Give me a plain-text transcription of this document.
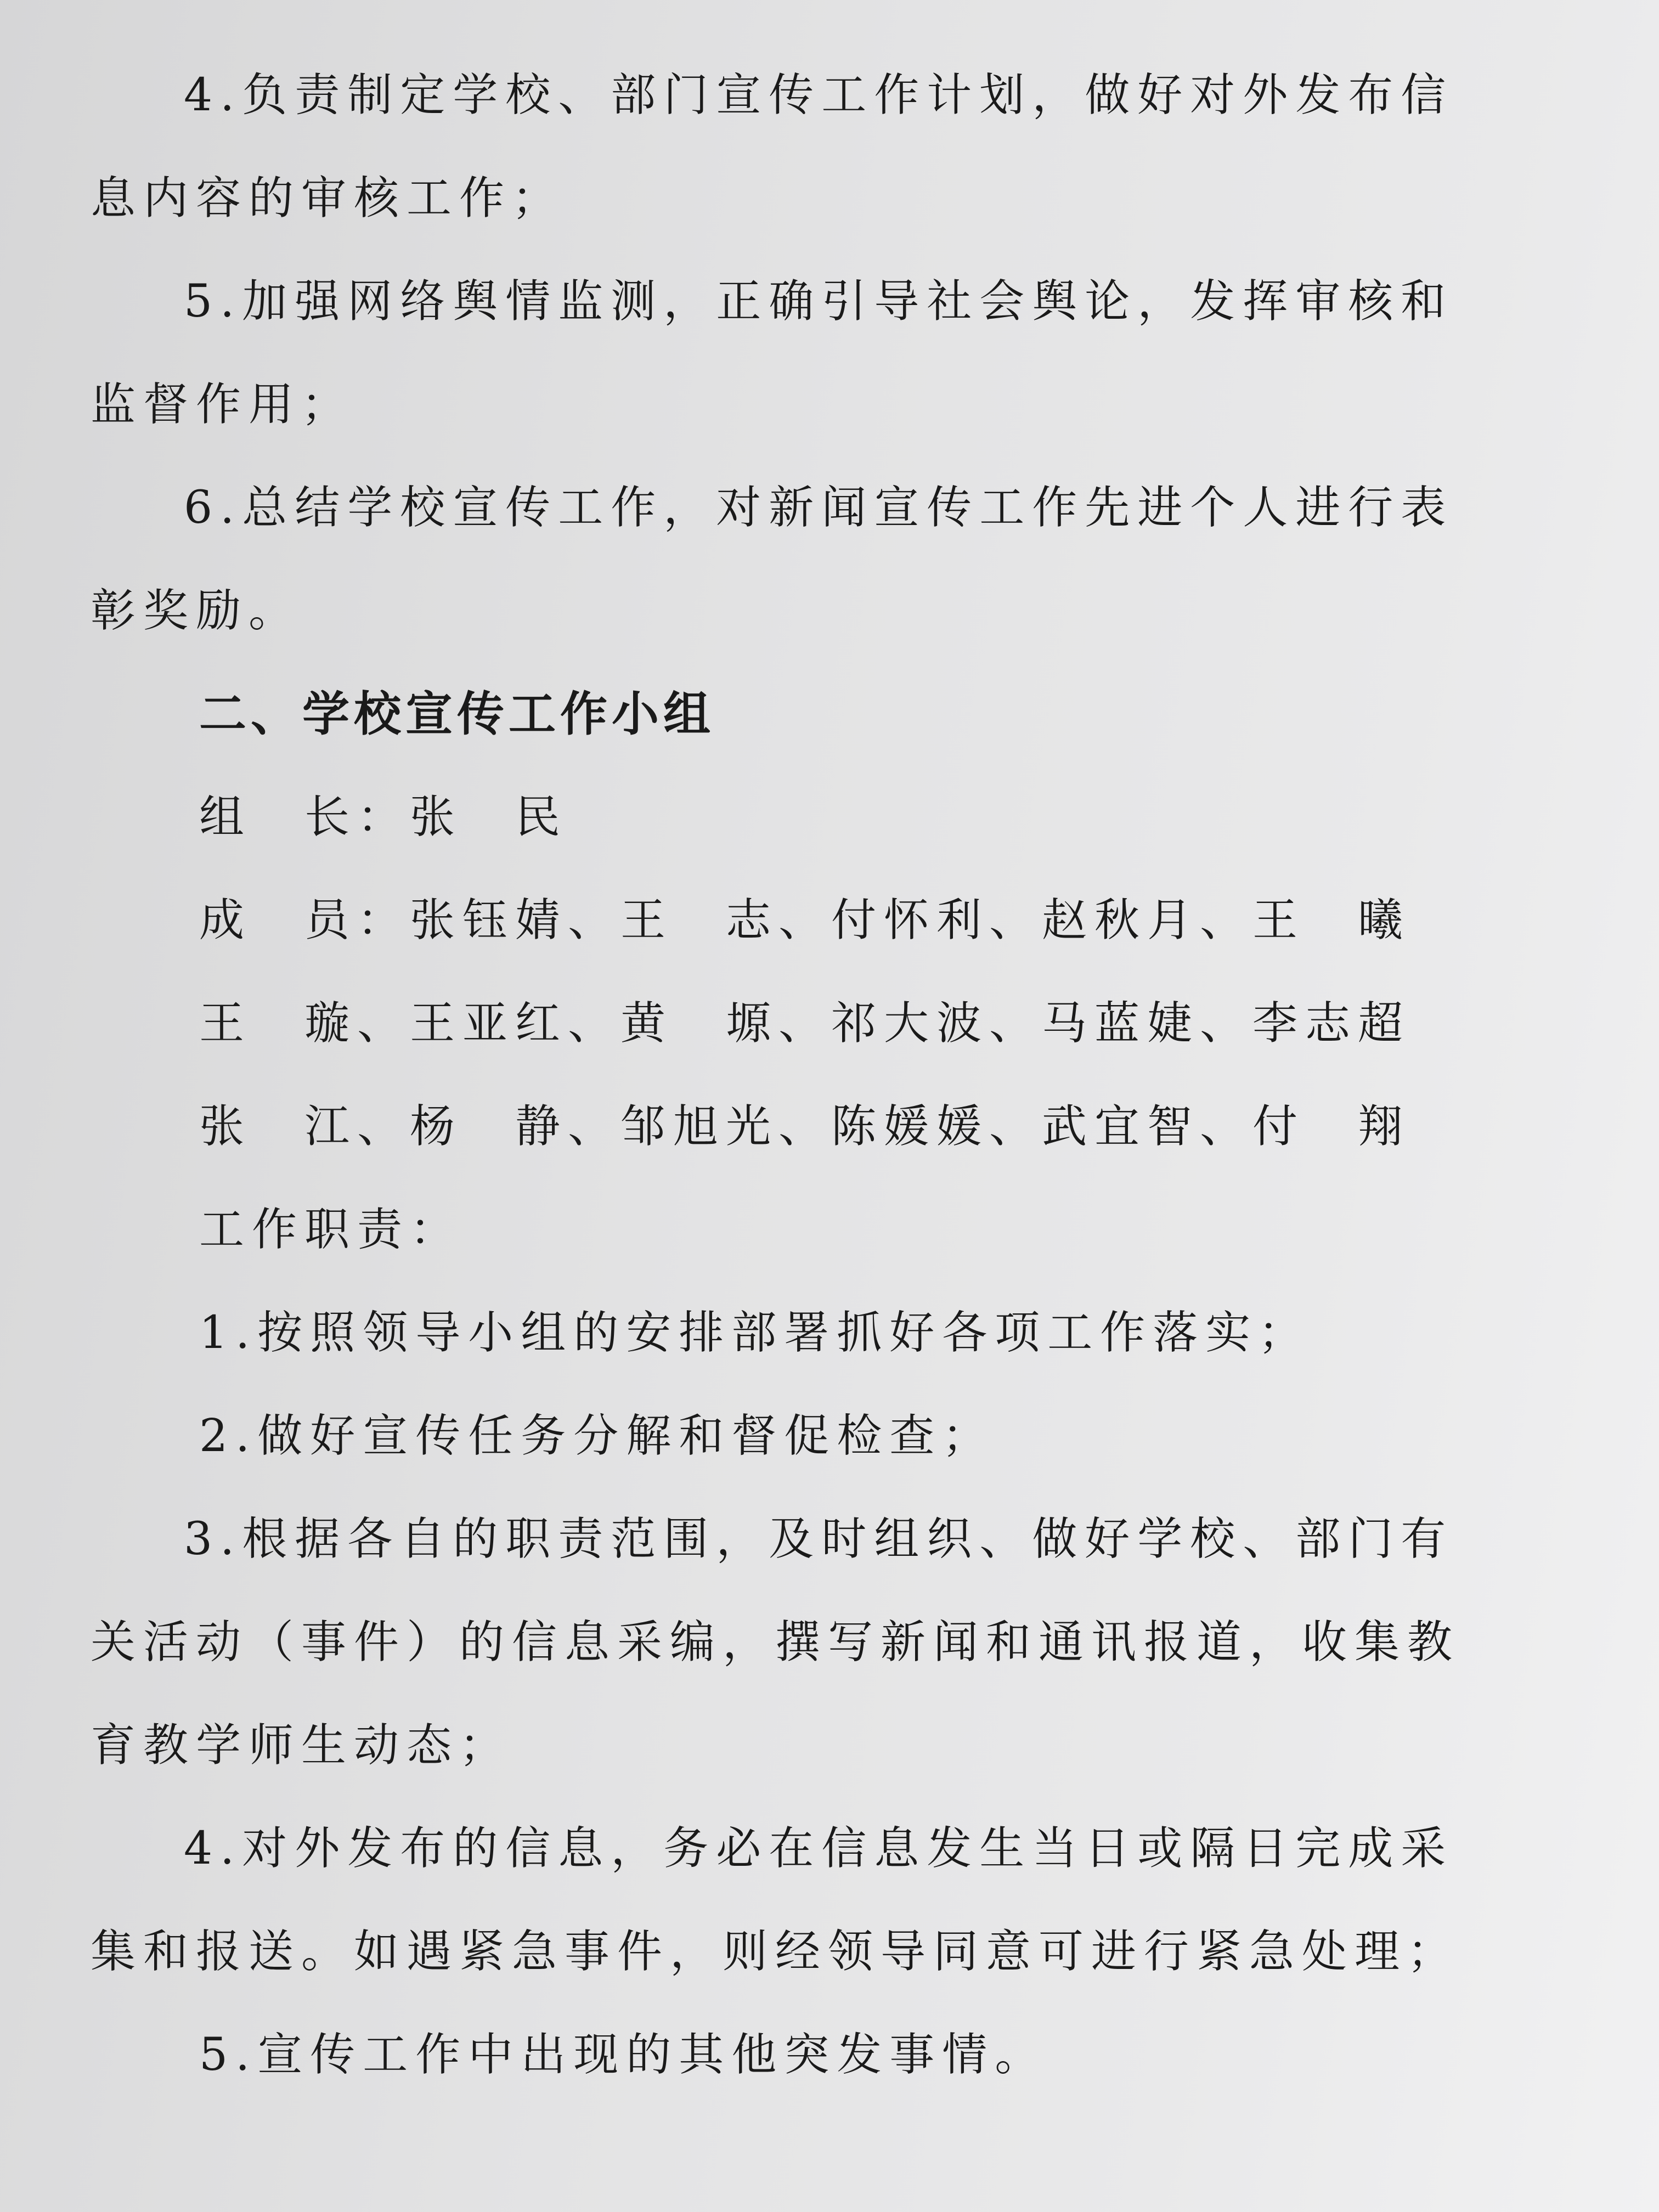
4.负责制定学校、部门宣传工作计划，做好对外发布信息内容的审核工作；

5.加强网络舆情监测，正确引导社会舆论，发挥审核和监督作用；

6.总结学校宣传工作，对新闻宣传工作先进个人进行表彰奖励。

二、学校宣传工作小组

组　长：张　民

成　员：张钰婧、王　志、付怀利、赵秋月、王　曦

王　璇、王亚红、黄　塬、祁大波、马蓝婕、李志超

张　江、杨　静、邹旭光、陈媛媛、武宜智、付　翔

工作职责：

1.按照领导小组的安排部署抓好各项工作落实；

2.做好宣传任务分解和督促检查；

3.根据各自的职责范围，及时组织、做好学校、部门有关活动（事件）的信息采编，撰写新闻和通讯报道，收集教育教学师生动态；

4.对外发布的信息，务必在信息发生当日或隔日完成采集和报送。如遇紧急事件，则经领导同意可进行紧急处理；

5.宣传工作中出现的其他突发事情。
